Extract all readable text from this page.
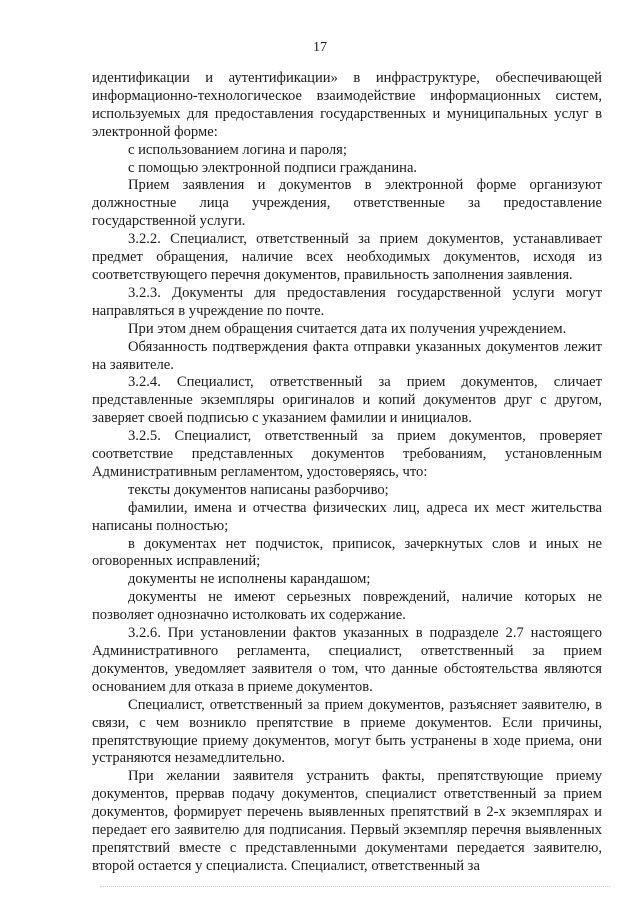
17

идентификации и аутентификации» в инфраструктуре, обеспечивающей информационно-технологическое взаимодействие информационных систем, используемых для предоставления государственных и муниципальных услуг в электронной форме:

с использованием логина и пароля;

с помощью электронной подписи гражданина.

Прием заявления и документов в электронной форме организуют должностные лица учреждения, ответственные за предоставление государственной услуги.

3.2.2. Специалист, ответственный за прием документов, устанавливает предмет обращения, наличие всех необходимых документов, исходя из соответствующего перечня документов, правильность заполнения заявления.

3.2.3. Документы для предоставления государственной услуги могут направляться в учреждение по почте.

При этом днем обращения считается дата их получения учреждением.

Обязанность подтверждения факта отправки указанных документов лежит на заявителе.

3.2.4. Специалист, ответственный за прием документов, сличает представленные экземпляры оригиналов и копий документов друг с другом, заверяет своей подписью с указанием фамилии и инициалов.

3.2.5. Специалист, ответственный за прием документов, проверяет соответствие представленных документов требованиям, установленным Административным регламентом, удостоверяясь, что:

тексты документов написаны разборчиво;

фамилии, имена и отчества физических лиц, адреса их мест жительства написаны полностью;

в документах нет подчисток, приписок, зачеркнутых слов и иных не оговоренных исправлений;

документы не исполнены карандашом;

документы не имеют серьезных повреждений, наличие которых не позволяет однозначно истолковать их содержание.

3.2.6. При установлении фактов указанных в подразделе 2.7 настоящего Административного регламента, специалист, ответственный за прием документов, уведомляет заявителя о том, что данные обстоятельства являются основанием для отказа в приеме документов.

Специалист, ответственный за прием документов, разъясняет заявителю, в связи, с чем возникло препятствие в приеме документов. Если причины, препятствующие приему документов, могут быть устранены в ходе приема, они устраняются незамедлительно.

При желании заявителя устранить факты, препятствующие приему документов, прервав подачу документов, специалист ответственный за прием документов, формирует перечень выявленных препятствий в 2-х экземплярах и передает его заявителю для подписания. Первый экземпляр перечня выявленных препятствий вместе с представленными документами передается заявителю, второй остается у специалиста. Специалист, ответственный за
